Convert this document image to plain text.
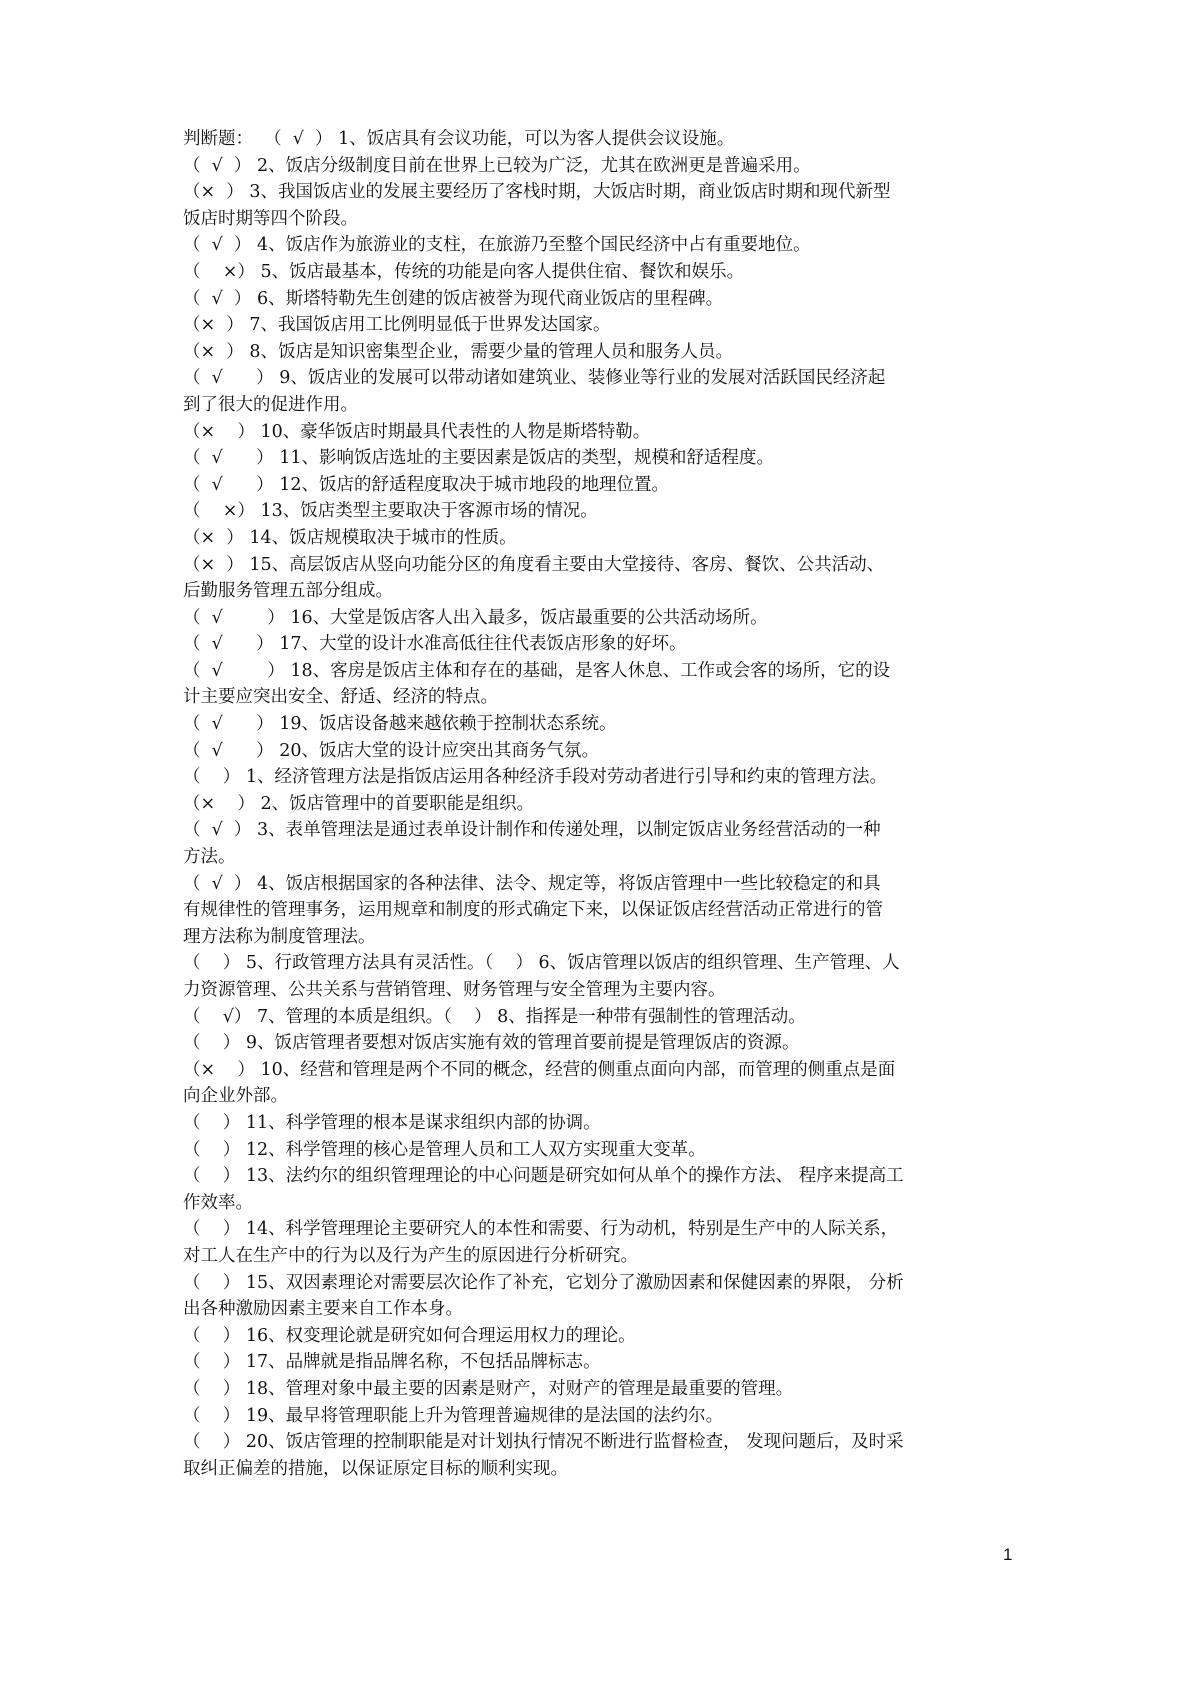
判断题：  （  √  ） 1、饭店具有会议功能，可以为客人提供会议设施。
（  √  ） 2、饭店分级制度目前在世界上已较为广泛，尤其在欧洲更是普遍采用。
（×  ） 3、我国饭店业的发展主要经历了客栈时期，大饭店时期，商业饭店时期和现代新型
饭店时期等四个阶段。
（  √  ） 4、饭店作为旅游业的支柱，在旅游乃至整个国民经济中占有重要地位。
（    ×） 5、饭店最基本，传统的功能是向客人提供住宿、餐饮和娱乐。
（  √  ） 6、斯塔特勒先生创建的饭店被誉为现代商业饭店的里程碑。
（×  ） 7、我国饭店用工比例明显低于世界发达国家。
（×  ） 8、饭店是知识密集型企业，需要少量的管理人员和服务人员。
（  √      ） 9、饭店业的发展可以带动诸如建筑业、装修业等行业的发展对活跃国民经济起
到了很大的促进作用。
（×    ） 10、豪华饭店时期最具代表性的人物是斯塔特勒。
（  √      ） 11、影响饭店选址的主要因素是饭店的类型，规模和舒适程度。
（  √      ） 12、饭店的舒适程度取决于城市地段的地理位置。
（    ×） 13、饭店类型主要取决于客源市场的情况。
（×  ） 14、饭店规模取决于城市的性质。
（×  ） 15、高层饭店从竖向功能分区的角度看主要由大堂接待、客房、餐饮、公共活动、
后勤服务管理五部分组成。
（  √        ） 16、大堂是饭店客人出入最多，饭店最重要的公共活动场所。
（  √      ） 17、大堂的设计水准高低往往代表饭店形象的好坏。
（  √        ） 18、客房是饭店主体和存在的基础，是客人休息、工作或会客的场所，它的设
计主要应突出安全、舒适、经济的特点。
（  √      ） 19、饭店设备越来越依赖于控制状态系统。
（  √      ） 20、饭店大堂的设计应突出其商务气氛。
（    ） 1、经济管理方法是指饭店运用各种经济手段对劳动者进行引导和约束的管理方法。
（×    ） 2、饭店管理中的首要职能是组织。
（  √  ） 3、表单管理法是通过表单设计制作和传递处理，以制定饭店业务经营活动的一种
方法。
（  √  ） 4、饭店根据国家的各种法律、法令、规定等，将饭店管理中一些比较稳定的和具
有规律性的管理事务，运用规章和制度的形式确定下来，以保证饭店经营活动正常进行的管
理方法称为制度管理法。
（    ） 5、行政管理方法具有灵活性。（    ） 6、饭店管理以饭店的组织管理、生产管理、人
力资源管理、公共关系与营销管理、财务管理与安全管理为主要内容。
（    √） 7、管理的本质是组织。（    ） 8、指挥是一种带有强制性的管理活动。
（    ） 9、饭店管理者要想对饭店实施有效的管理首要前提是管理饭店的资源。
（×    ） 10、经营和管理是两个不同的概念，经营的侧重点面向内部，而管理的侧重点是面
向企业外部。
（    ） 11、科学管理的根本是谋求组织内部的协调。
（    ） 12、科学管理的核心是管理人员和工人双方实现重大变革。
（    ） 13、法约尔的组织管理理论的中心问题是研究如何从单个的操作方法、 程序来提高工
作效率。
（    ） 14、科学管理理论主要研究人的本性和需要、行为动机，特别是生产中的人际关系，
对工人在生产中的行为以及行为产生的原因进行分析研究。
（    ） 15、双因素理论对需要层次论作了补充，它划分了激励因素和保健因素的界限， 分析
出各种激励因素主要来自工作本身。
（    ） 16、权变理论就是研究如何合理运用权力的理论。
（    ） 17、品牌就是指品牌名称，不包括品牌标志。
（    ） 18、管理对象中最主要的因素是财产，对财产的管理是最重要的管理。
（    ） 19、最早将管理职能上升为管理普遍规律的是法国的法约尔。
（    ） 20、饭店管理的控制职能是对计划执行情况不断进行监督检查， 发现问题后，及时采
取纠正偏差的措施，以保证原定目标的顺利实现。
1
